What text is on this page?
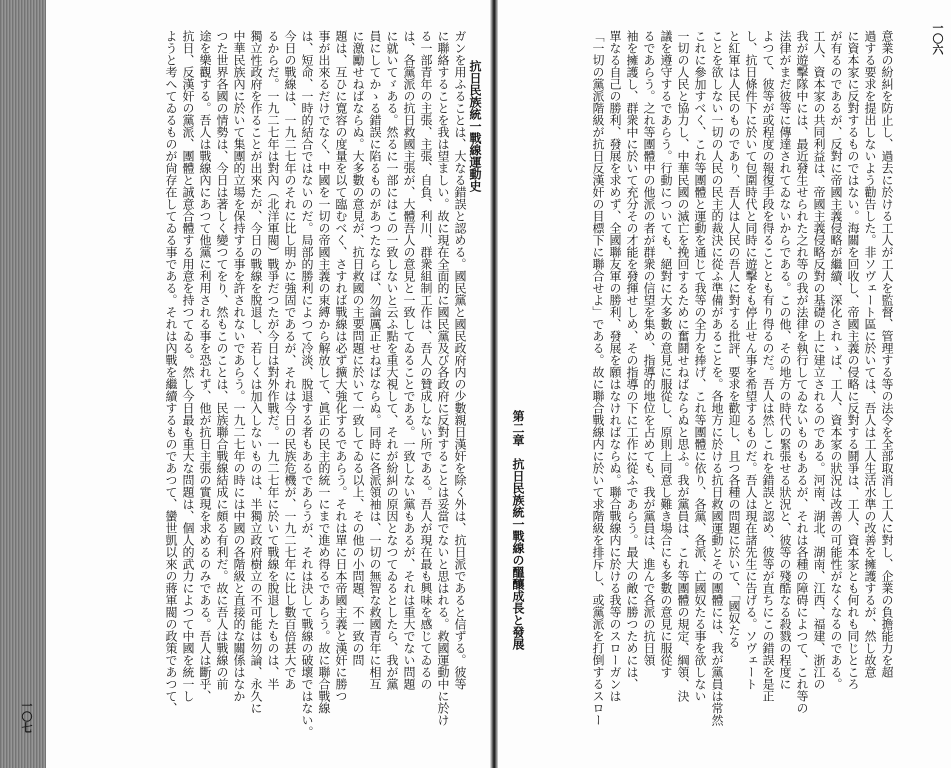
抗日民族統一戰線運動史

ガンを用ふることは、大なる錯誤と認める。國民黨と國民政府内の少數親日漢奸を除く外は、抗日派であると信ずる。彼等

に聯絡することを我は望ましい。故に現在全面的に國民黨及び各政府に反對することは妥當でないと思はれる。救國運動中に於け

る一部青年の主張、主張、自負、利川、群衆組制工作は、吾人の贊成しない所である。吾人が現在最も興味を感じてゐるの

は、各黨派の抗日救國主張が、大體吾人の意見と一致してゐることである。一致しない黨もあるが、それは重大でない問題

に就いてゞある。然るに一部にはこの一致しないと云ふ點を重大視して、それが紛糾の原因となつてゐるとしたら、我が黨

員にしてかゝる錯誤に陷るものがあつたならば、勿論厲正せねばならぬ。同時に各派領袖は、一切の無智な救國青年に相互

に激勵せねばならぬ。大多數の意見が、抗日救國の主要問題に於いて一致してゐる以上、その他の小問題、不一致の問

題は、互ひに寛容の度量を以て臨むべく、さすれば戰線は必ず擴大強化するであらう。それは單に日本帝國主義と漢奸に勝つ

事が出來るだけでなく、中國を一切の帝國主義の束縛から解放して、眞正の民主的統一にまで進め得るであらう。故に聯合戰線

は、短命、一時的結合ではないのだ。局部的勝利によつて冷淡、脫退する者もあるであらうが、それは決して戰線の破壞ではない。

今日の戰線は、一九二七年のそれに比し明かに強固であるが、それは今日の民族危機が、一九二七年に比し數百倍甚大であ

るからだ。一九二七年は對內（北洋軍閥）戰爭だつたが今日は對外作戰だ。一九二七年に於いて戰線を脫退したものは、半

獨立性政府を作ることが出來たが、今日の戰線を脫退し、若しくは加入しないものは、半獨立政府樹立の不可能は勿論、永久に

中華民族內に於いて集團的立場を保持する事を許されないであらう。一九二七年の時には中國の各階級と直接的な關係はなか

つた世界各國の情勢は、今日は著しく變つてをり、然もこのことは、民族聯合戰線結成に頗る有利だ。故に吾人は戰線の前

途を樂觀する。吾人は戰線內にあつて他黨に利用される事を恐れず、他が抗日主張の實現を求めるのみである。吾人は斷乎、

抗日、反漢奸の黨派、團體と誠意合體する用意を持つてゐる。然し今日最も重大な問題は、個人的武力によつて中國を統一し

ようと考へてゐるものが尙存在してゐる事である。それは內戰を繼續するものであつて、蠻世凱以來の蔣軍閥の政策であつて、	一〇六

意業の紛糾を防止し、過去に於ける工人が工人を監督、管理する等の法令を全部取消し工人に對し、企業の負擔能力を超

過する要求を提出しないよう勸告した。非ソヴェート區に於いては、吾人は工人生活水準の改善を擁護するが、然し故意

に資本家に反對するものではない。海關を回收し、帝國主義の侵略に反對する鬪爭は、工人、資本家とも何れも同じところ

が有るのであるが、反對に帝國主義侵略が繼續、深化されゝば、工人、資本家の狀況は改善の可能性がなくなるのである。

工人、資本家の共同利益は、帝國主義侵略反對の基礎の上に建立されるのである。河南、湖北、湖南、江西、福建、浙江の

我が遊擊隊中には、最近發生せられた之れ等の我が法律を執行してゐないものもあるが、それは各種の障碍によつて、これ等の

法律がまだ彼等に傳達されてゐないからである。この他、その地方の時代の緊張せる狀況と、彼等の殘酷なる殺戮の程度に

よつて、彼等が或程度の報復手段を得ることとも有り得るのだ。吾人は然しこれを錯誤と認め、彼等が直ちにこの錯誤を是正

し、抗日條件下に於いて包圍時代と同時に遊擊をも停止せん事を希望するものだ。吾人は現在諸先生に告げる。ソヴェート

と紅軍は人民のものであり、吾人は人民の吾人に對する批評、要求を歡迎し、且つ各種の問題に於いて、「國奴たる

ことを欲しない一切の人民の民主的裁決に從ふ準備があることを。各地方に於ける抗日救國運動とその團體には、我が黨員は常然

これに參加すべく、これ等團體と運動を通じて我等の全力を捧げ、これ等團體に依り、各黨、各派、亡國奴たる事を欲しない

一切の人民と協力し、中華民國の滅亡を挽回するために奮鬪せねばならぬと思ふ。我が黨員は、これ等團體の規定、綱領、決

議を遵守するであらう。行動についても、絕對に大多數の意見に服從し、原則上同意し難き場合にも多數の意見に服從す

るであらう。之れ等團體中の他派の者が群衆の信望を集め、指導的地位を占めても、我が黨員は、進んで各派の抗日領

袖を擁護し、群衆中に於いて充分その才能を發揮せしめ、その指導の下に工作に從ふであらう。最大の敵に勝つためには、

單なる自己の勝利、發展を求めず、全國聯友軍の勝利、發展を願はなければならぬ。聯合戰線内に於ける我等のスローガンは

「一切の黨派階級が抗日反漢奸の目標下に聯合せよ」である。故に聯合戰線内に於いて求階級を排斥し、或黨派を打倒するスロー

第二章　抗日民族統一戰線の醞釀成長と發展
一〇七
